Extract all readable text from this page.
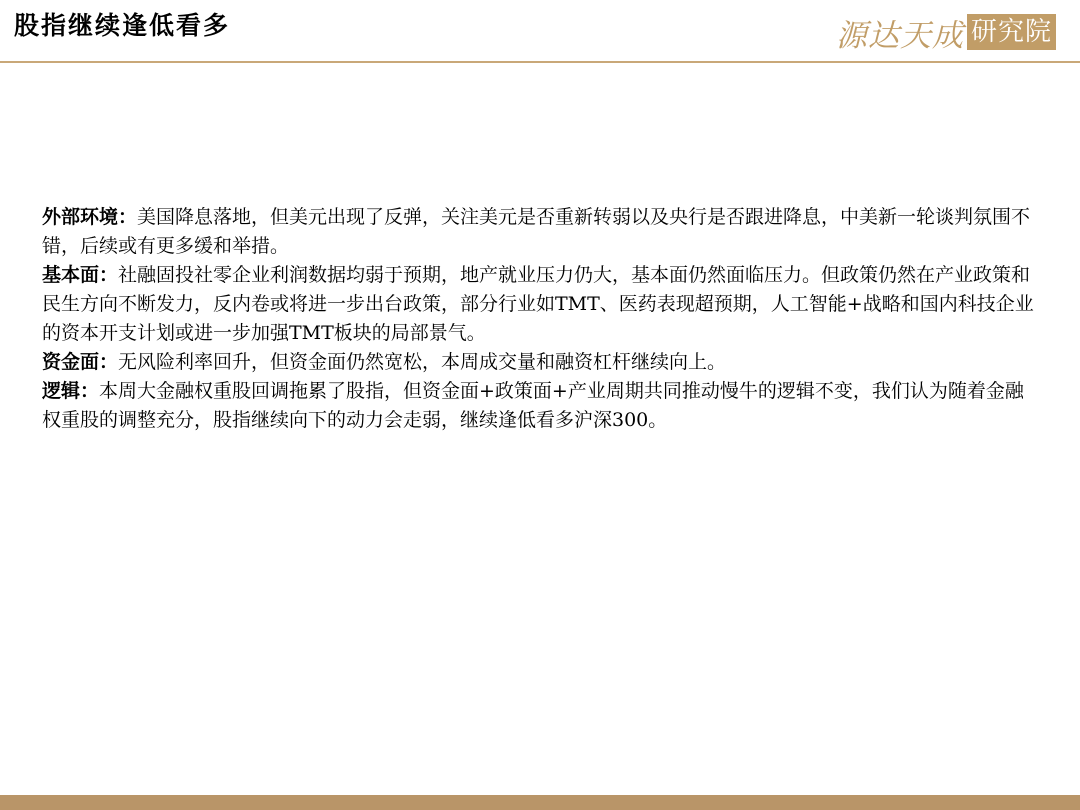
股指继续逢低看多	源达天成 研究院

外部环境：美国降息落地，但美元出现了反弹，关注美元是否重新转弱以及央行是否跟进降息，中美新一轮谈判氛围不错，后续或有更多缓和举措。

基本面：社融固投社零企业利润数据均弱于预期，地产就业压力仍大，基本面仍然面临压力。但政策仍然在产业政策和民生方向不断发力，反内卷或将进一步出台政策，部分行业如TMT、医药表现超预期，人工智能+战略和国内科技企业的资本开支计划或进一步加强TMT板块的局部景气。

资金面：无风险利率回升，但资金面仍然宽松，本周成交量和融资杠杆继续向上。

逻辑：本周大金融权重股回调拖累了股指，但资金面+政策面+产业周期共同推动慢牛的逻辑不变，我们认为随着金融权重股的调整充分，股指继续向下的动力会走弱，继续逢低看多沪深300。
